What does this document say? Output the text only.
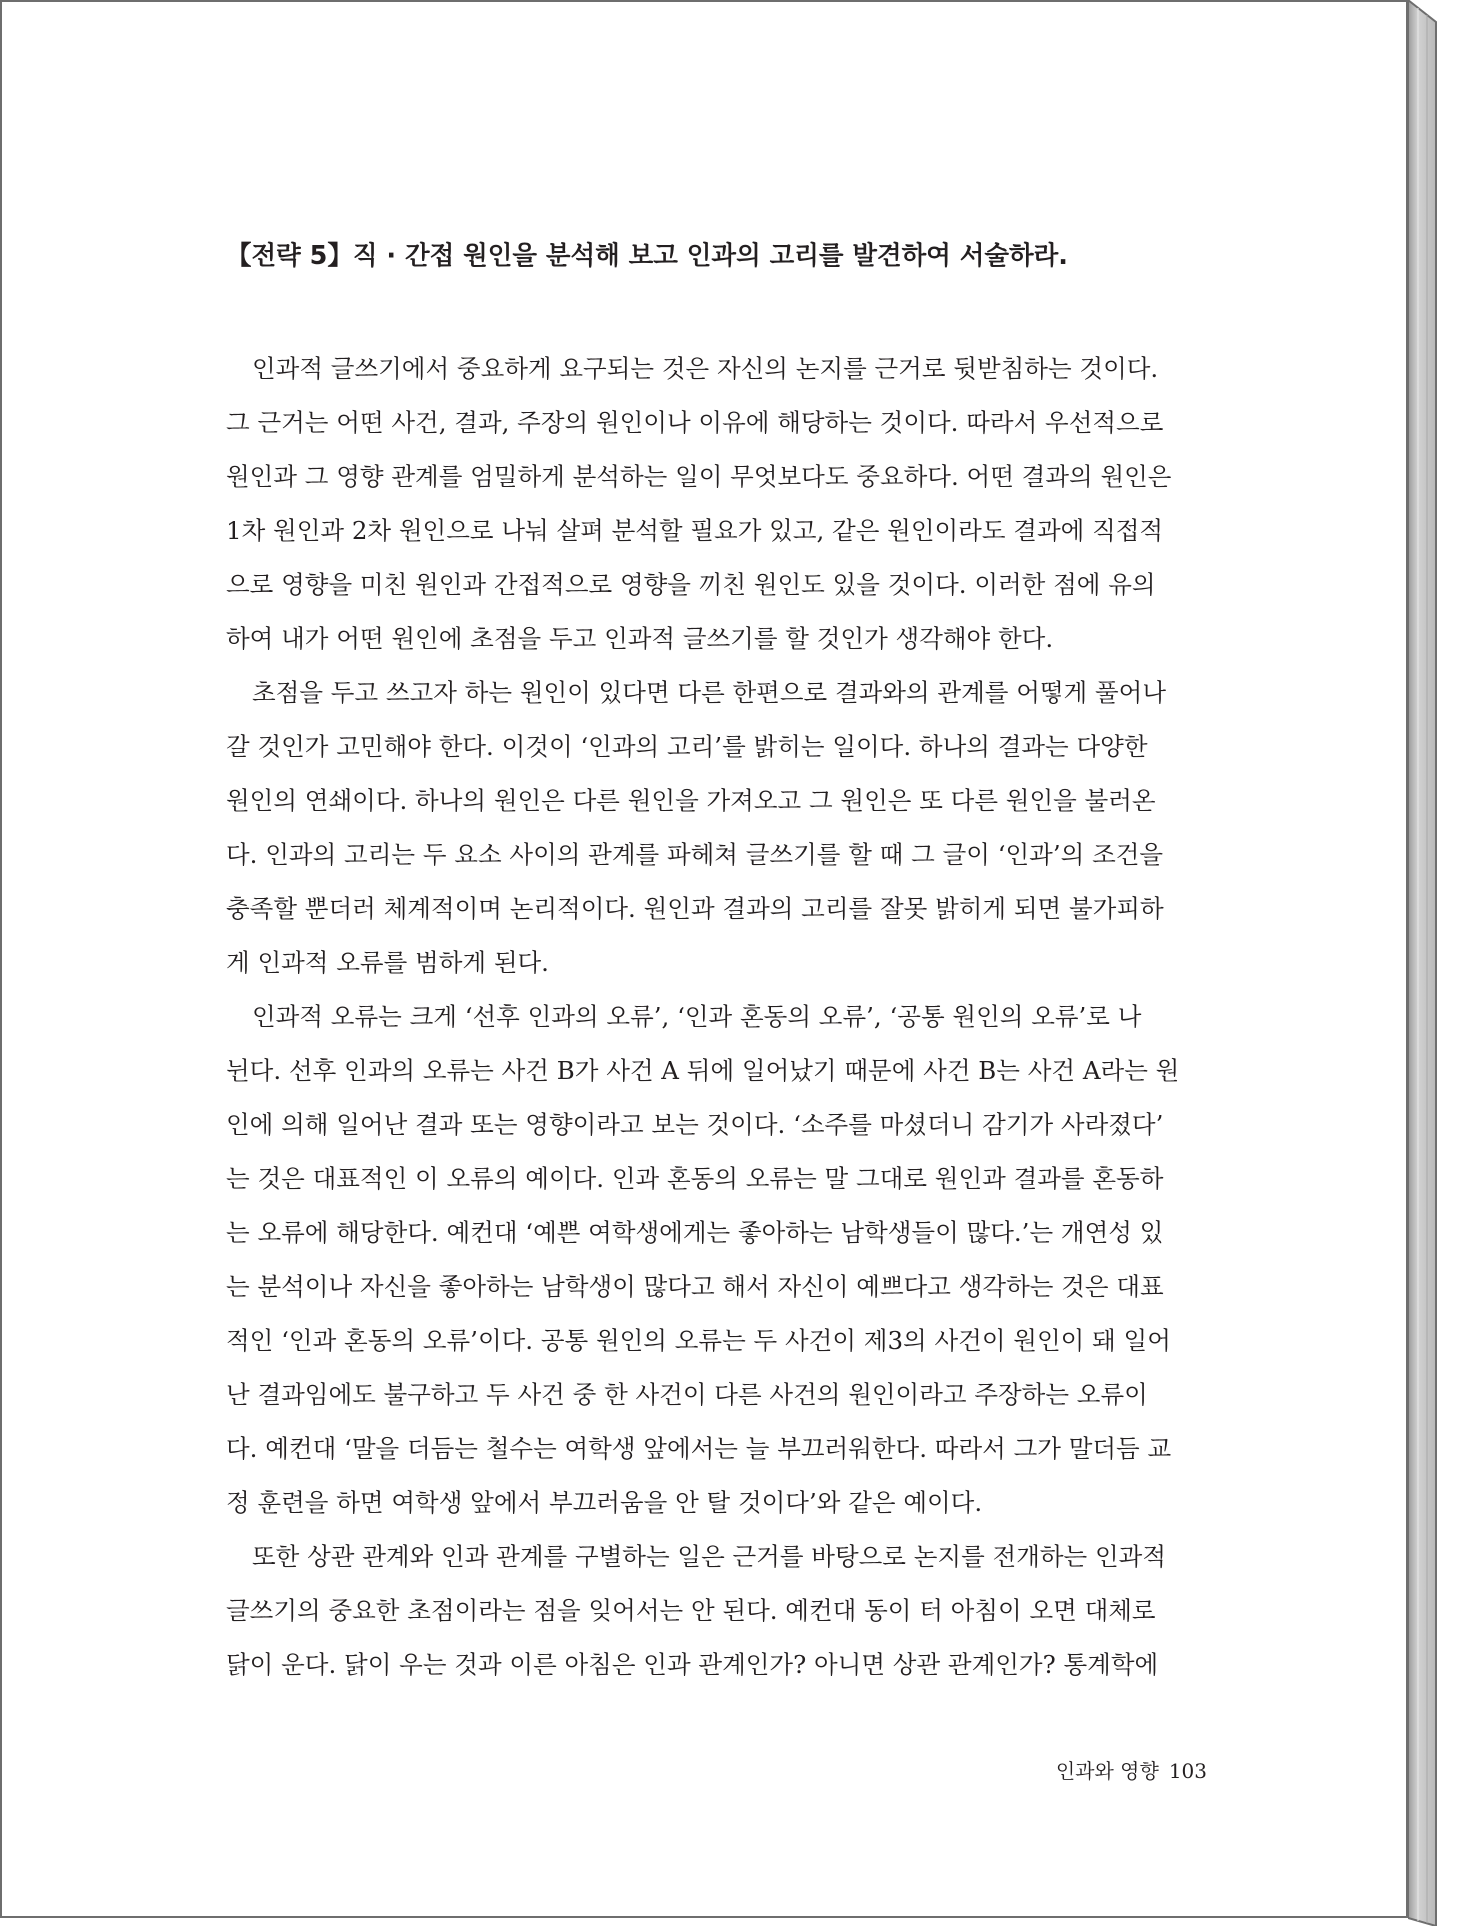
【전략 5】직 · 간접 원인을 분석해 보고 인과의 고리를 발견하여 서술하라.

인과적 글쓰기에서 중요하게 요구되는 것은 자신의 논지를 근거로 뒷받침하는 것이다.
그 근거는 어떤 사건, 결과, 주장의 원인이나 이유에 해당하는 것이다. 따라서 우선적으로
원인과 그 영향 관계를 엄밀하게 분석하는 일이 무엇보다도 중요하다. 어떤 결과의 원인은
1차 원인과 2차 원인으로 나눠 살펴 분석할 필요가 있고, 같은 원인이라도 결과에 직접적
으로 영향을 미친 원인과 간접적으로 영향을 끼친 원인도 있을 것이다. 이러한 점에 유의
하여 내가 어떤 원인에 초점을 두고 인과적 글쓰기를 할 것인가 생각해야 한다.

초점을 두고 쓰고자 하는 원인이 있다면 다른 한편으로 결과와의 관계를 어떻게 풀어나
갈 것인가 고민해야 한다. 이것이 ‘인과의 고리’를 밝히는 일이다. 하나의 결과는 다양한
원인의 연쇄이다. 하나의 원인은 다른 원인을 가져오고 그 원인은 또 다른 원인을 불러온
다. 인과의 고리는 두 요소 사이의 관계를 파헤쳐 글쓰기를 할 때 그 글이 ‘인과’의 조건을
충족할 뿐더러 체계적이며 논리적이다. 원인과 결과의 고리를 잘못 밝히게 되면 불가피하
게 인과적 오류를 범하게 된다.

인과적 오류는 크게 ‘선후 인과의 오류’, ‘인과 혼동의 오류’, ‘공통 원인의 오류’로 나
뉜다. 선후 인과의 오류는 사건 B가 사건 A 뒤에 일어났기 때문에 사건 B는 사건 A라는 원
인에 의해 일어난 결과 또는 영향이라고 보는 것이다. ‘소주를 마셨더니 감기가 사라졌다’
는 것은 대표적인 이 오류의 예이다. 인과 혼동의 오류는 말 그대로 원인과 결과를 혼동하
는 오류에 해당한다. 예컨대 ‘예쁜 여학생에게는 좋아하는 남학생들이 많다.’는 개연성 있
는 분석이나 자신을 좋아하는 남학생이 많다고 해서 자신이 예쁘다고 생각하는 것은 대표
적인 ‘인과 혼동의 오류’이다. 공통 원인의 오류는 두 사건이 제3의 사건이 원인이 돼 일어
난 결과임에도 불구하고 두 사건 중 한 사건이 다른 사건의 원인이라고 주장하는 오류이
다. 예컨대 ‘말을 더듬는 철수는 여학생 앞에서는 늘 부끄러워한다. 따라서 그가 말더듬 교
정 훈련을 하면 여학생 앞에서 부끄러움을 안 탈 것이다’와 같은 예이다.

또한 상관 관계와 인과 관계를 구별하는 일은 근거를 바탕으로 논지를 전개하는 인과적
글쓰기의 중요한 초점이라는 점을 잊어서는 안 된다. 예컨대 동이 터 아침이 오면 대체로
닭이 운다. 닭이 우는 것과 이른 아침은 인과 관계인가? 아니면 상관 관계인가? 통계학에

인과와 영향 103
